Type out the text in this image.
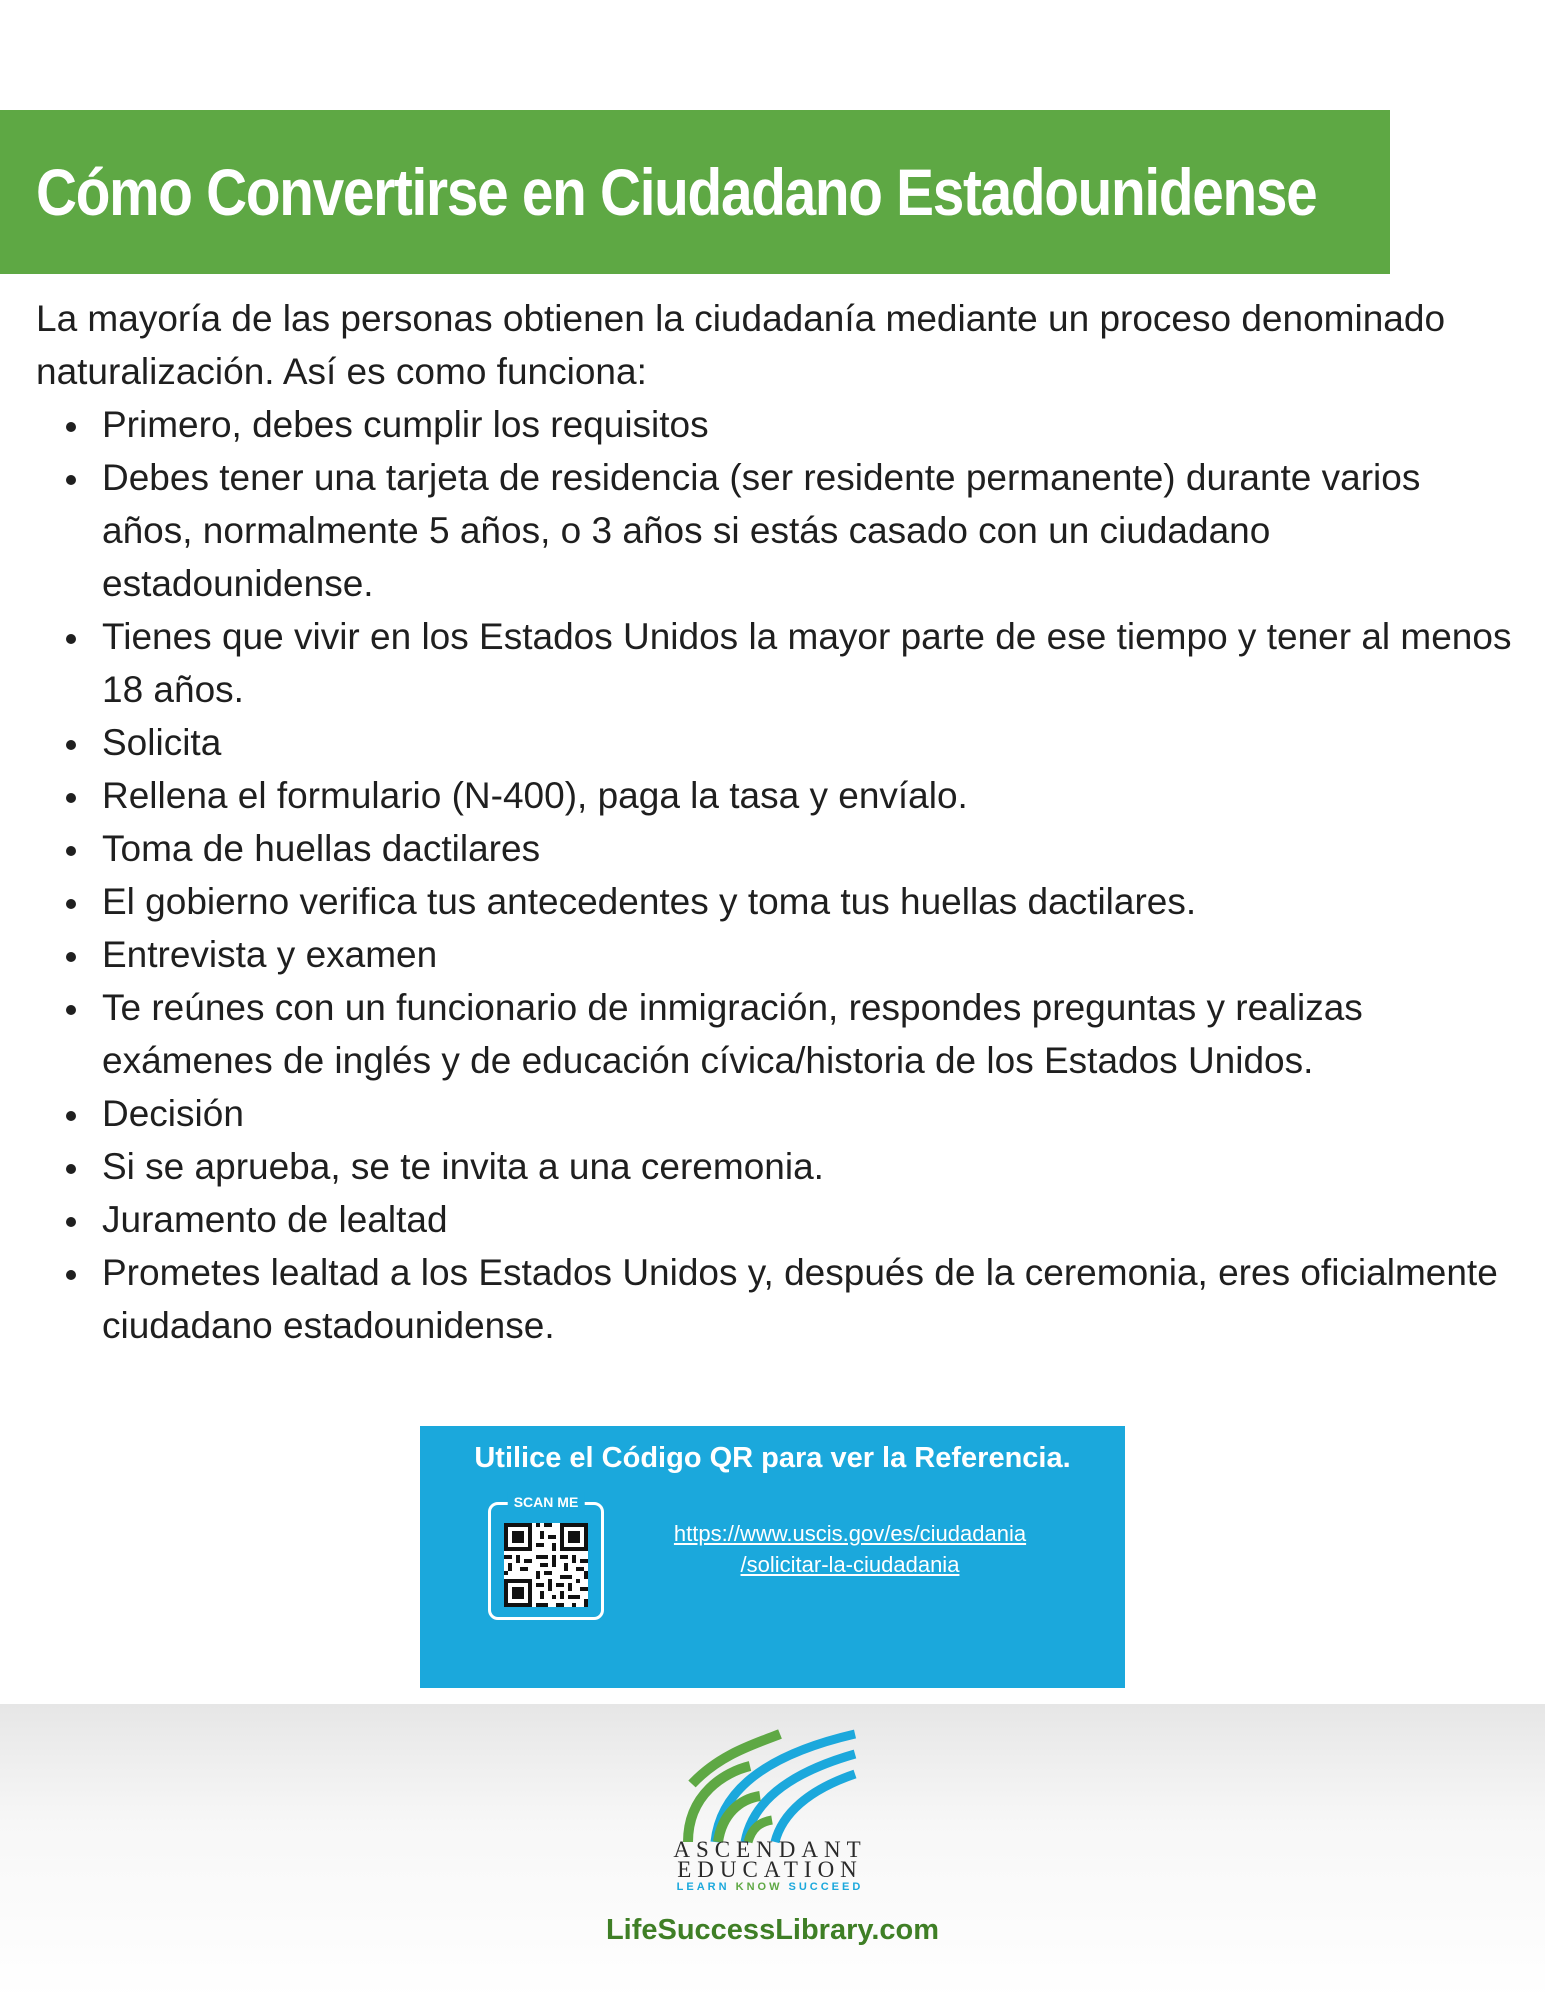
Cómo Convertirse en Ciudadano Estadounidense

La mayoría de las personas obtienen la ciudadanía mediante un proceso denominado naturalización. Así es como funciona:

Primero, debes cumplir los requisitos
Debes tener una tarjeta de residencia (ser residente permanente) durante varios años, normalmente 5 años, o 3 años si estás casado con un ciudadano estadounidense.
Tienes que vivir en los Estados Unidos la mayor parte de ese tiempo y tener al menos 18 años.
Solicita
Rellena el formulario (N-400), paga la tasa y envíalo.
Toma de huellas dactilares
El gobierno verifica tus antecedentes y toma tus huellas dactilares.
Entrevista y examen
Te reúnes con un funcionario de inmigración, respondes preguntas y realizas exámenes de inglés y de educación cívica/historia de los Estados Unidos.
Decisión
Si se aprueba, se te invita a una ceremonia.
Juramento de lealtad
Prometes lealtad a los Estados Unidos y, después de la ceremonia, eres oficialmente ciudadano estadounidense.
Utilice el Código QR para ver la Referencia.
SCAN ME
https://www.uscis.gov/es/ciudadania
/solicitar-la-ciudadania
ASCENDANT
EDUCATION
LEARN KNOW SUCCEED
LifeSuccessLibrary.com
